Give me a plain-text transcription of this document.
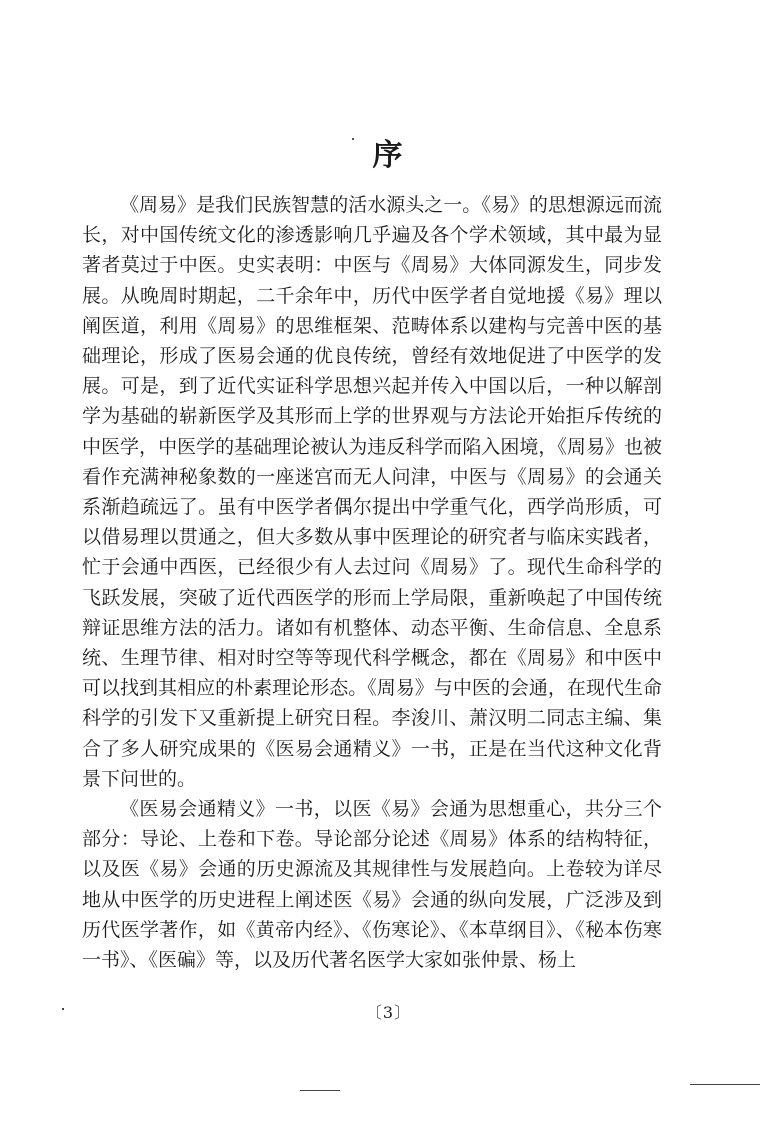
序

《周易》是我们民族智慧的活水源头之一。《易》的思想源远而流长，对中国传统文化的渗透影响几乎遍及各个学术领域，其中最为显著者莫过于中医。史实表明：中医与《周易》大体同源发生，同步发展。从晚周时期起，二千余年中，历代中医学者自觉地援《易》理以阐医道，利用《周易》的思维框架、范畴体系以建构与完善中医的基础理论，形成了医易会通的优良传统，曾经有效地促进了中医学的发展。可是，到了近代实证科学思想兴起并传入中国以后，一种以解剖学为基础的崭新医学及其形而上学的世界观与方法论开始拒斥传统的中医学，中医学的基础理论被认为违反科学而陷入困境，《周易》也被看作充满神秘象数的一座迷宫而无人问津，中医与《周易》的会通关系渐趋疏远了。虽有中医学者偶尔提出中学重气化，西学尚形质，可以借易理以贯通之，但大多数从事中医理论的研究者与临床实践者，忙于会通中西医，已经很少有人去过问《周易》了。现代生命科学的飞跃发展，突破了近代西医学的形而上学局限，重新唤起了中国传统辩证思维方法的活力。诸如有机整体、动态平衡、生命信息、全息系统、生理节律、相对时空等等现代科学概念，都在《周易》和中医中可以找到其相应的朴素理论形态。《周易》与中医的会通，在现代生命科学的引发下又重新提上研究日程。李浚川、萧汉明二同志主编、集合了多人研究成果的《医易会通精义》一书，正是在当代这种文化背景下问世的。

《医易会通精义》一书，以医《易》会通为思想重心，共分三个部分：导论、上卷和下卷。导论部分论述《周易》体系的结构特征，以及医《易》会通的历史源流及其规律性与发展趋向。上卷较为详尽地从中医学的历史进程上阐述医《易》会通的纵向发展，广泛涉及到历代医学著作，如《黄帝内经》、《伤寒论》、《本草纲目》、《秘本伤寒一书》、《医碥》等，以及历代著名医学大家如张仲景、杨上

〔3〕
